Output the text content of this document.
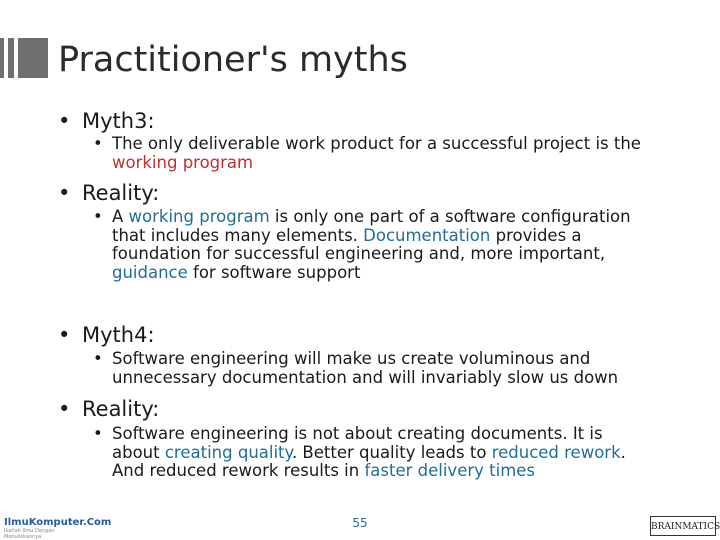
Practitioner's myths
• Myth3:
• The only deliverable work product for a successful project is the working program
• Reality:
• A working program is only one part of a software configuration that includes many elements. Documentation provides a foundation for successful engineering and, more important, guidance for software support
• Myth4:
• Software engineering will make us create voluminous and unnecessary documentation and will invariably slow us down
• Reality:
• Software engineering is not about creating documents. It is about creating quality. Better quality leads to reduced rework. And reduced rework results in faster delivery times
IlmuKomputer.Com
Ikatlah Ilmu Dengan Menuliskannya
55	BRAINMATICS
